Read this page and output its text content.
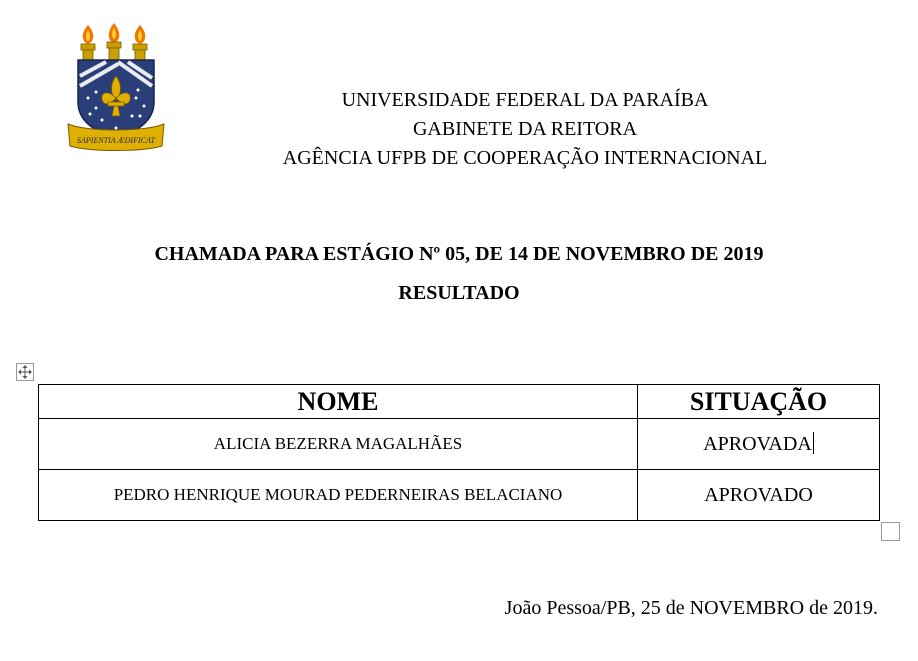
SAPIENTIA ÆDIFICAT
UNIVERSIDADE FEDERAL DA PARAÍBA
GABINETE DA REITORA
AGÊNCIA UFPB DE COOPERAÇÃO INTERNACIONAL
CHAMADA PARA ESTÁGIO Nº 05, DE 14 DE NOVEMBRO DE 2019
RESULTADO
NOME	SITUAÇÃO
ALICIA BEZERRA MAGALHÃES	APROVADA
PEDRO HENRIQUE MOURAD PEDERNEIRAS BELACIANO	APROVADO
João Pessoa/PB, 25 de NOVEMBRO de 2019.
